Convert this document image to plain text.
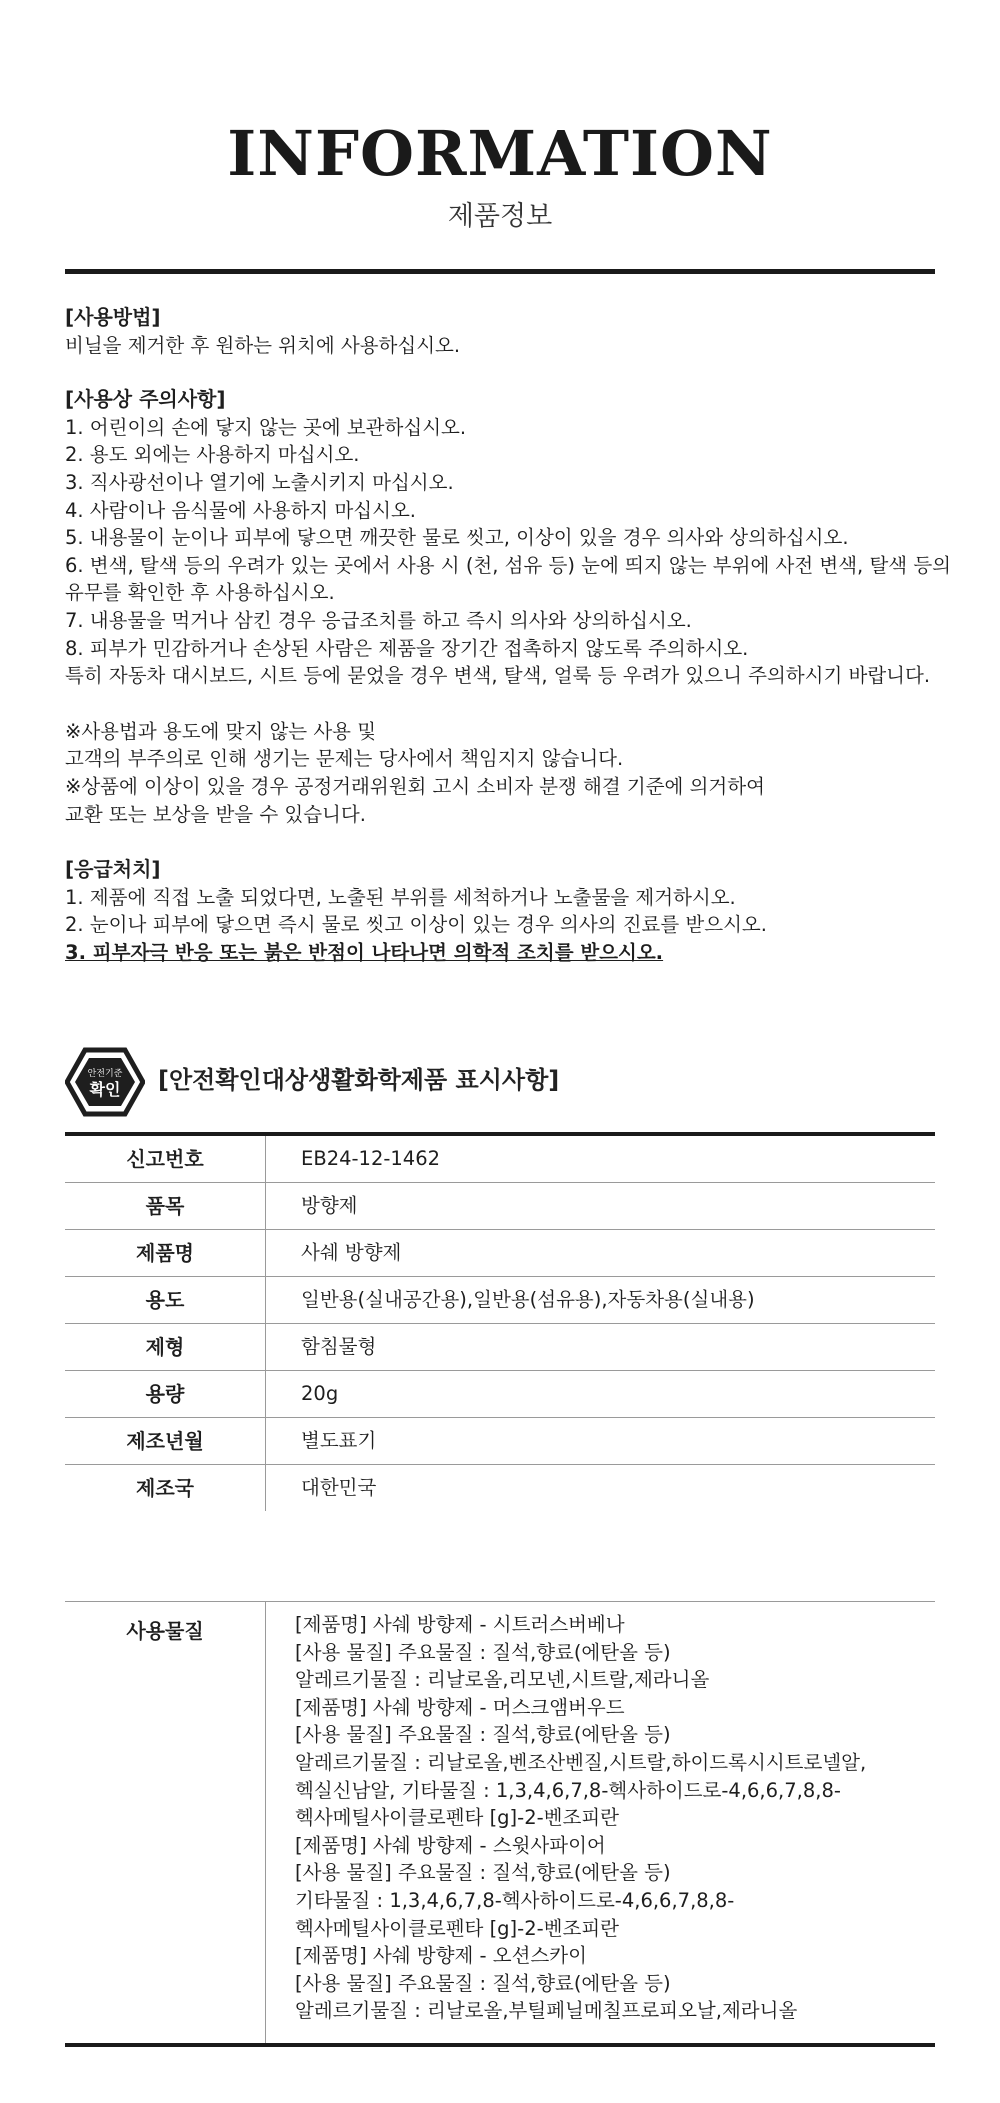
INFORMATION
제품정보
[사용방법]
비닐을 제거한 후 원하는 위치에 사용하십시오.
[사용상 주의사항]
1. 어린이의 손에 닿지 않는 곳에 보관하십시오.
2. 용도 외에는 사용하지 마십시오.
3. 직사광선이나 열기에 노출시키지 마십시오.
4. 사람이나 음식물에 사용하지 마십시오.
5. 내용물이 눈이나 피부에 닿으면 깨끗한 물로 씻고, 이상이 있을 경우 의사와 상의하십시오.
6. 변색, 탈색 등의 우려가 있는 곳에서 사용 시 (천, 섬유 등) 눈에 띄지 않는 부위에 사전 변색, 탈색 등의
유무를 확인한 후 사용하십시오.
7. 내용물을 먹거나 삼킨 경우 응급조치를 하고 즉시 의사와 상의하십시오.
8. 피부가 민감하거나 손상된 사람은 제품을 장기간 접촉하지 않도록 주의하시오.
특히 자동차 대시보드, 시트 등에 묻었을 경우 변색, 탈색, 얼룩 등 우려가 있으니 주의하시기 바랍니다.
※사용법과 용도에 맞지 않는 사용 및
고객의 부주의로 인해 생기는 문제는 당사에서 책임지지 않습니다.
※상품에 이상이 있을 경우 공정거래위원회 고시 소비자 분쟁 해결 기준에 의거하여
교환 또는 보상을 받을 수 있습니다.
[응급처치]
1. 제품에 직접 노출 되었다면, 노출된 부위를 세척하거나 노출물을 제거하시오.
2. 눈이나 피부에 닿으면 즉시 물로 씻고 이상이 있는 경우 의사의 진료를 받으시오.
3. 피부자극 반응 또는 붉은 반점이 나타나면 의학적 조치를 받으시오.
안전기준
확인 [안전확인대상생활화학제품 표시사항]
신고번호	EB24-12-1462
품목	방향제
제품명	사쉐 방향제
용도	일반용(실내공간용),일반용(섬유용),자동차용(실내용)
제형	함침물형
용량	20g
제조년월	별도표기
제조국	대한민국
사용물질	[제품명] 사쉐 방향제 - 시트러스버베나
[사용 물질] 주요물질 : 질석,향료(에탄올 등)
알레르기물질 : 리날로올,리모넨,시트랄,제라니올
[제품명] 사쉐 방향제 - 머스크앰버우드
[사용 물질] 주요물질 : 질석,향료(에탄올 등)
알레르기물질 : 리날로올,벤조산벤질,시트랄,하이드록시시트로넬알,
헥실신남알, 기타물질 : 1,3,4,6,7,8-헥사하이드로-4,6,6,7,8,8-
헥사메틸사이클로펜타 [g]-2-벤조피란
[제품명] 사쉐 방향제 - 스윗사파이어
[사용 물질] 주요물질 : 질석,향료(에탄올 등)
기타물질 : 1,3,4,6,7,8-헥사하이드로-4,6,6,7,8,8-
헥사메틸사이클로펜타 [g]-2-벤조피란
[제품명] 사쉐 방향제 - 오션스카이
[사용 물질] 주요물질 : 질석,향료(에탄올 등)
알레르기물질 : 리날로올,부틸페닐메칠프로피오날,제라니올
